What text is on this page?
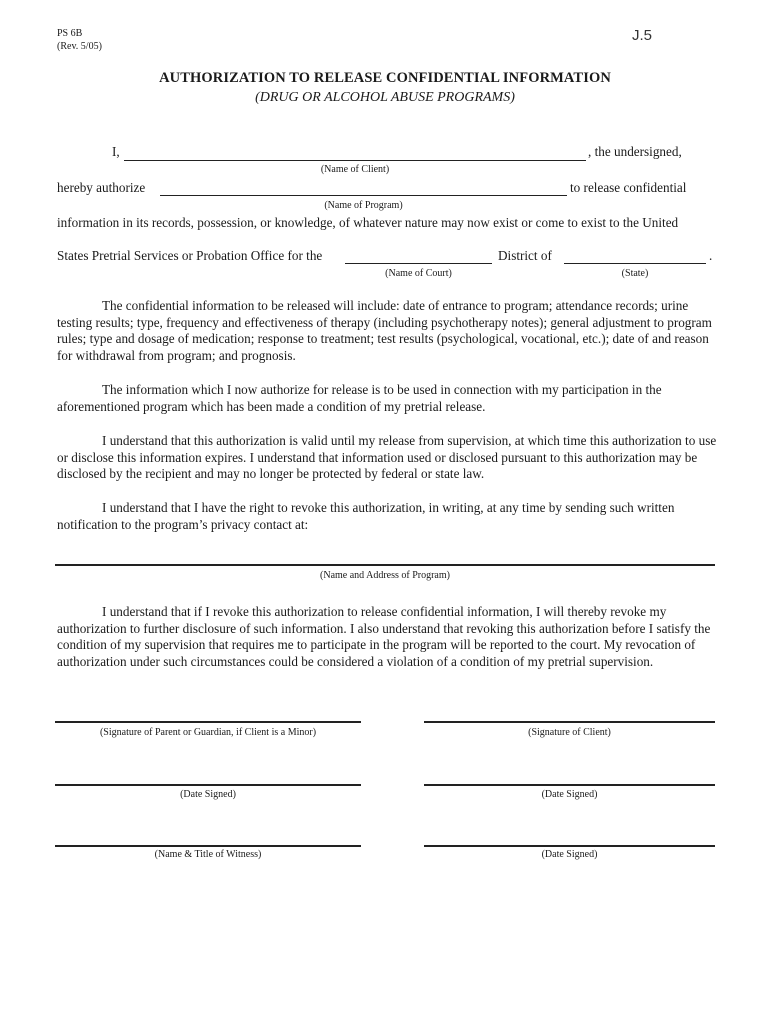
PS 6B
(Rev. 5/05)
J.5
AUTHORIZATION TO RELEASE CONFIDENTIAL INFORMATION
(DRUG OR ALCOHOL ABUSE PROGRAMS)
I,	, the undersigned,
(Name of Client)
hereby authorize	to release confidential
(Name of Program)
information in its records, possession, or knowledge, of whatever nature may now exist or come to exist to the United
States Pretrial Services or Probation Office for the	District of	.
(Name of Court)	(State)
The confidential information to be released will include: date of entrance to program; attendance records; urine testing results; type, frequency and effectiveness of therapy (including psychotherapy notes); general adjustment to program rules; type and dosage of medication; response to treatment; test results (psychological, vocational, etc.); date of and reason for withdrawal from program; and prognosis.
The information which I now authorize for release is to be used in connection with my participation in the aforementioned program which has been made a condition of my pretrial release.
I understand that this authorization is valid until my release from supervision, at which time this authorization to use or disclose this information expires. I understand that information used or disclosed pursuant to this authorization may be disclosed by the recipient and may no longer be protected by federal or state law.
I understand that I have the right to revoke this authorization, in writing, at any time by sending such written notification to the program’s privacy contact at:
(Name and Address of Program)
I understand that if I revoke this authorization to release confidential information, I will thereby revoke my authorization to further disclosure of such information. I also understand that revoking this authorization before I satisfy the condition of my supervision that requires me to participate in the program will be reported to the court. My revocation of authorization under such circumstances could be considered a violation of a condition of my pretrial supervision.
(Signature of Parent or Guardian, if Client is a Minor)	(Signature of Client)
(Date Signed)	(Date Signed)
(Name & Title of Witness)	(Date Signed)
